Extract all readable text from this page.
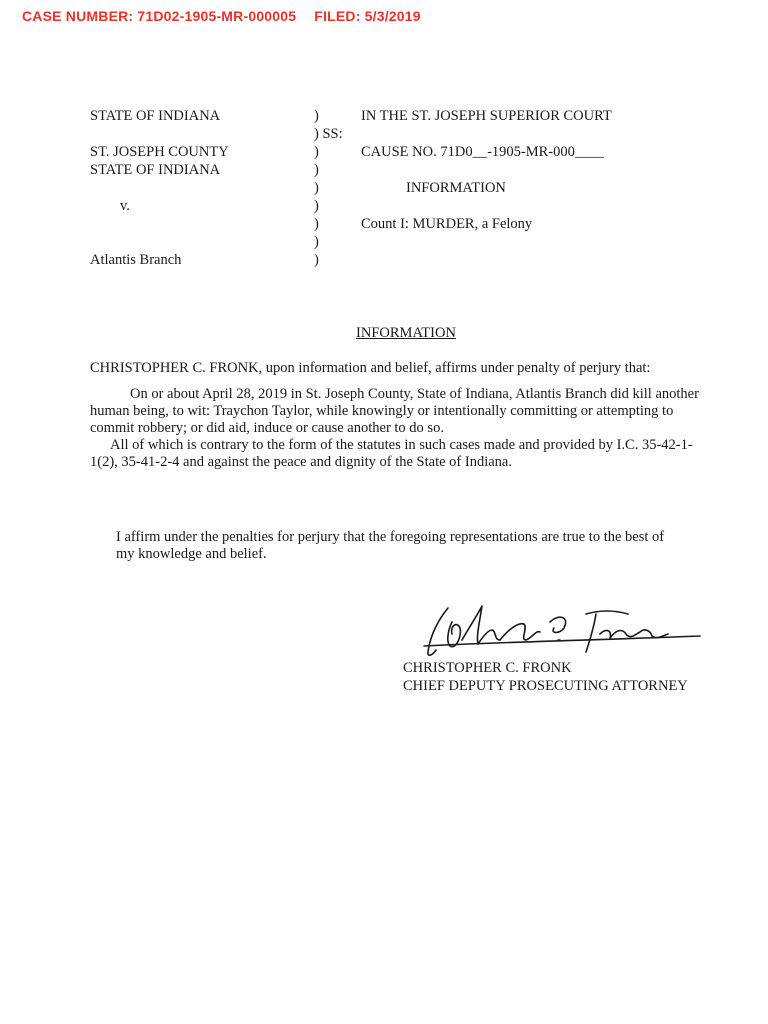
CASE NUMBER: 71D02-1905-MR-000005 FILED: 5/3/2019
STATE OF INDIANA
ST. JOSEPH COUNTY
STATE OF INDIANA
v.
Atlantis Branch
)
) SS:
)
)
)
)
)
)
)
IN THE ST. JOSEPH SUPERIOR COURT
CAUSE NO. 71D0__-1905-MR-000____
INFORMATION
Count I: MURDER, a Felony
INFORMATION

CHRISTOPHER C. FRONK, upon information and belief, affirms under penalty of perjury that:

On or about April 28, 2019 in St. Joseph County, State of Indiana, Atlantis Branch did kill another

human being, to wit: Traychon Taylor, while knowingly or intentionally committing or attempting to

commit robbery; or did aid, induce or cause another to do so.

All of which is contrary to the form of the statutes in such cases made and provided by I.C. 35-42-1-

1(2), 35-41-2-4 and against the peace and dignity of the State of Indiana.

I affirm under the penalties for perjury that the foregoing representations are true to the best of
my knowledge and belief.
CHRISTOPHER C. FRONK
CHIEF DEPUTY PROSECUTING ATTORNEY
